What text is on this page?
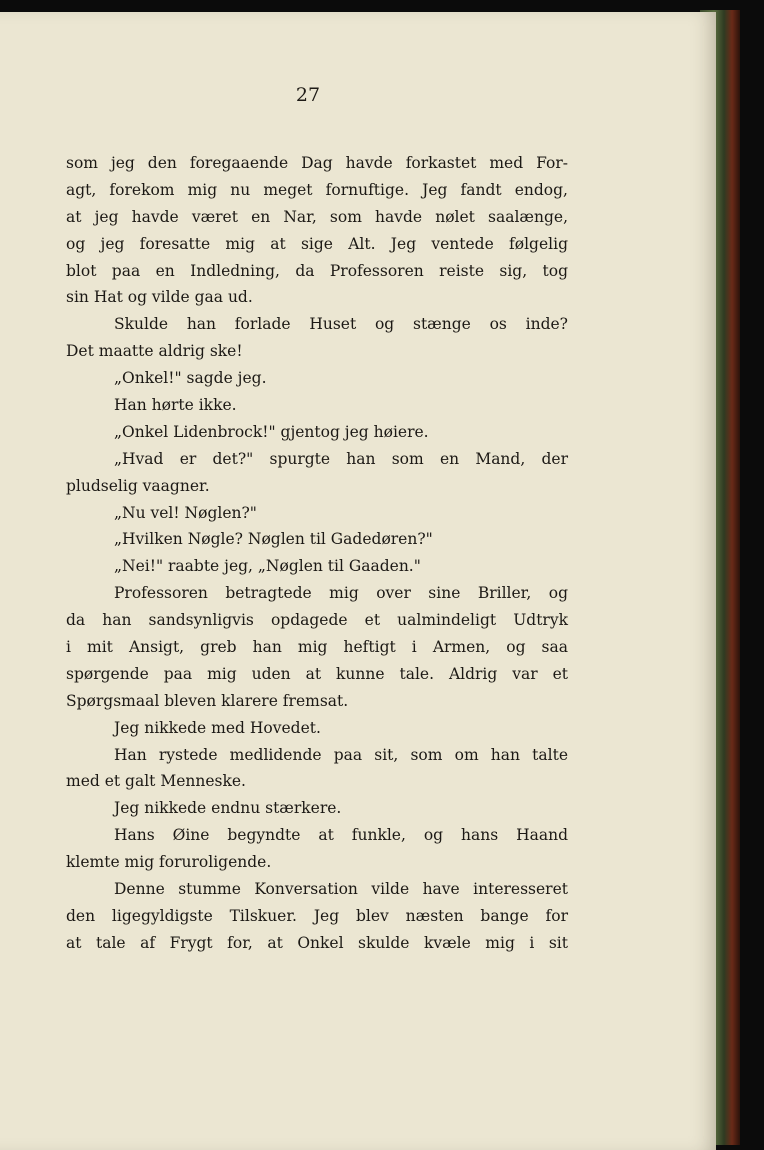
27
som jeg den foregaaende Dag havde forkastet med For-
agt, forekom mig nu meget fornuftige. Jeg fandt endog,
at jeg havde været en Nar, som havde nølet saalænge,
og jeg foresatte mig at sige Alt. Jeg ventede følgelig
blot paa en Indledning, da Professoren reiste sig, tog
sin Hat og vilde gaa ud.
Skulde han forlade Huset og stænge os inde?
Det maatte aldrig ske!
„Onkel!" sagde jeg.
Han hørte ikke.
„Onkel Lidenbrock!" gjentog jeg høiere.
„Hvad er det?" spurgte han som en Mand, der
pludselig vaagner.
„Nu vel! Nøglen?"
„Hvilken Nøgle? Nøglen til Gadedøren?"
„Nei!" raabte jeg, „Nøglen til Gaaden."
Professoren betragtede mig over sine Briller, og
da han sandsynligvis opdagede et ualmindeligt Udtryk
i mit Ansigt, greb han mig heftigt i Armen, og saa
spørgende paa mig uden at kunne tale. Aldrig var et
Spørgsmaal bleven klarere fremsat.
Jeg nikkede med Hovedet.
Han rystede medlidende paa sit, som om han talte
med et galt Menneske.
Jeg nikkede endnu stærkere.
Hans Øine begyndte at funkle, og hans Haand
klemte mig foruroligende.
Denne stumme Konversation vilde have interesseret
den ligegyldigste Tilskuer. Jeg blev næsten bange for
at tale af Frygt for, at Onkel skulde kvæle mig i sit
